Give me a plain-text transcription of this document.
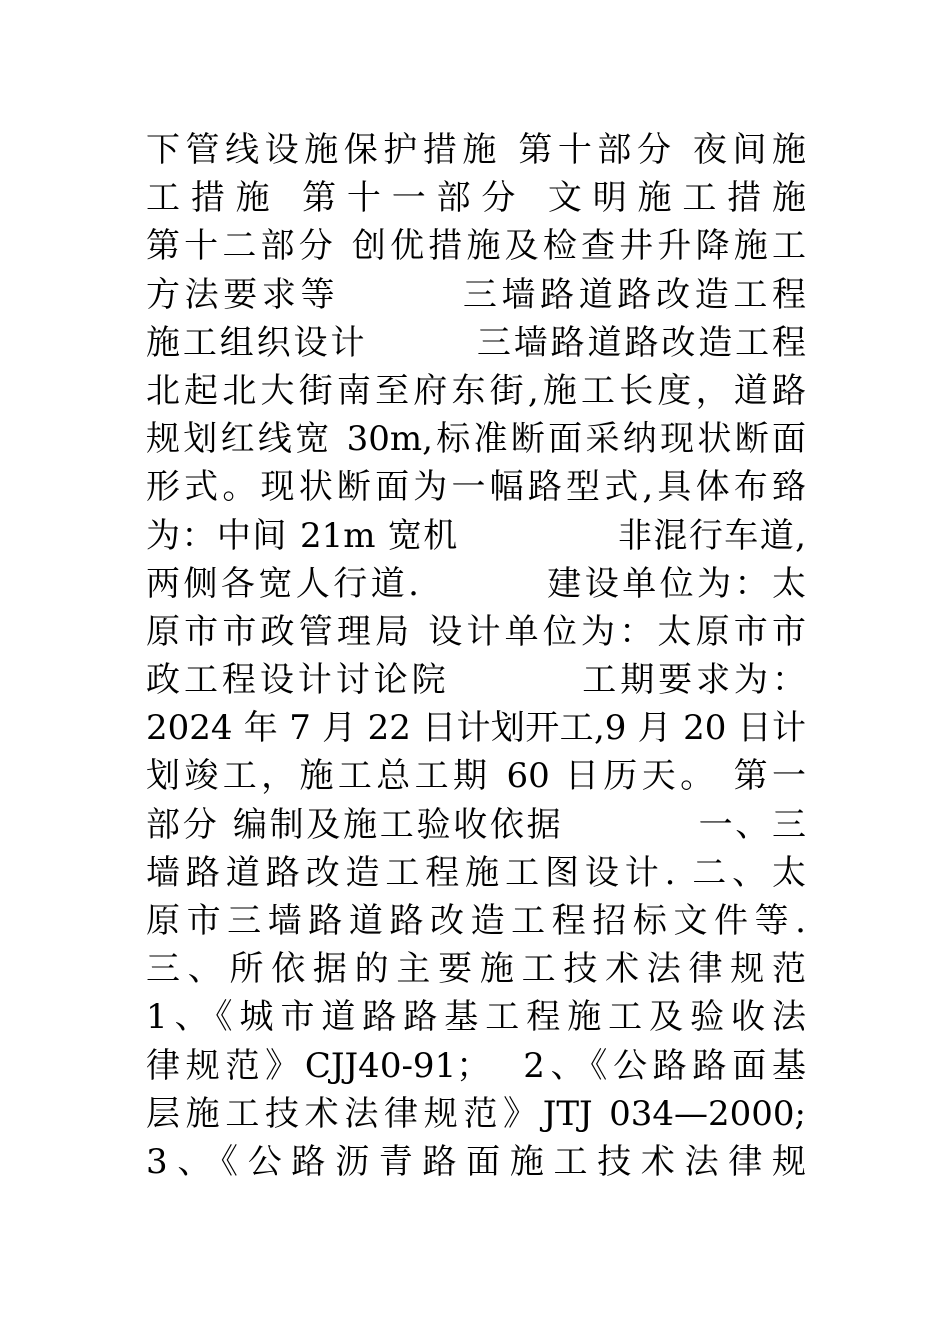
下管线设施保护措施 第十部分 夜间施
工措施 第十一部分 文明施工措施
第十二部分 创优措施及检查井升降施工
方法要求等        三墙路道路改造工程
施工组织设计        三墙路道路改造工程
北起北大街南至府东街,施工长度，道路
规划红线宽 30m,标准断面采纳现状断面
形式。现状断面为一幅路型式,具体布臵
为：中间 21m 宽机             非混行车道,
两侧各宽人行道.         建设单位为：太
原市市政管理局 设计单位为：太原市市
政工程设计讨论院         工期要求为：
2024 年 7 月 22 日计划开工,9 月 20 日计
划竣工，施工总工期 60 日历天。 第一
部分 编制及施工验收依据          一、三
墙路道路改造工程施工图设计. 二、太
原市三墙路道路改造工程招标文件等.
三、所依据的主要施工技术法律规范
1、《城市道路路基工程施工及验收法
律规范》CJJ40-91；  2、《公路路面基
层施工技术法律规范》JTJ 034—2000;
3、《公路沥青路面施工技术法律规
